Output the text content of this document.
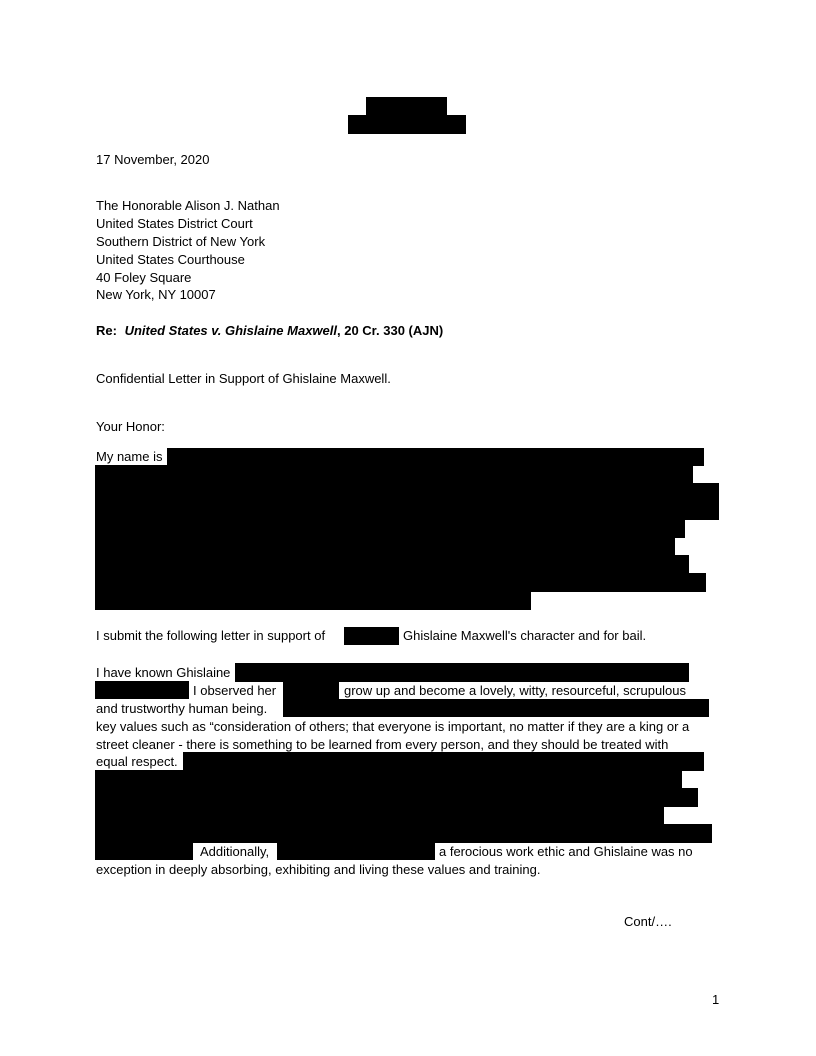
17 November, 2020
The Honorable Alison J. Nathan
United States District Court
Southern District of New York
United States Courthouse
40 Foley Square
New York, NY 10007
Re: United States v. Ghislaine Maxwell, 20 Cr. 330 (AJN)
Confidential Letter in Support of Ghislaine Maxwell.
Your Honor:
My name is
I submit the following letter in support of	Ghislaine Maxwell's character and for bail.
I have known Ghislaine
I observed her	grow up and become a lovely, witty, resourceful, scrupulous
and trustworthy human being.
key values such as “consideration of others; that everyone is important, no matter if they are a king or a
street cleaner - there is something to be learned from every person, and they should be treated with
equal respect.
Additionally,	a ferocious work ethic and Ghislaine was no
exception in deeply absorbing, exhibiting and living these values and training.
Cont/….
1
